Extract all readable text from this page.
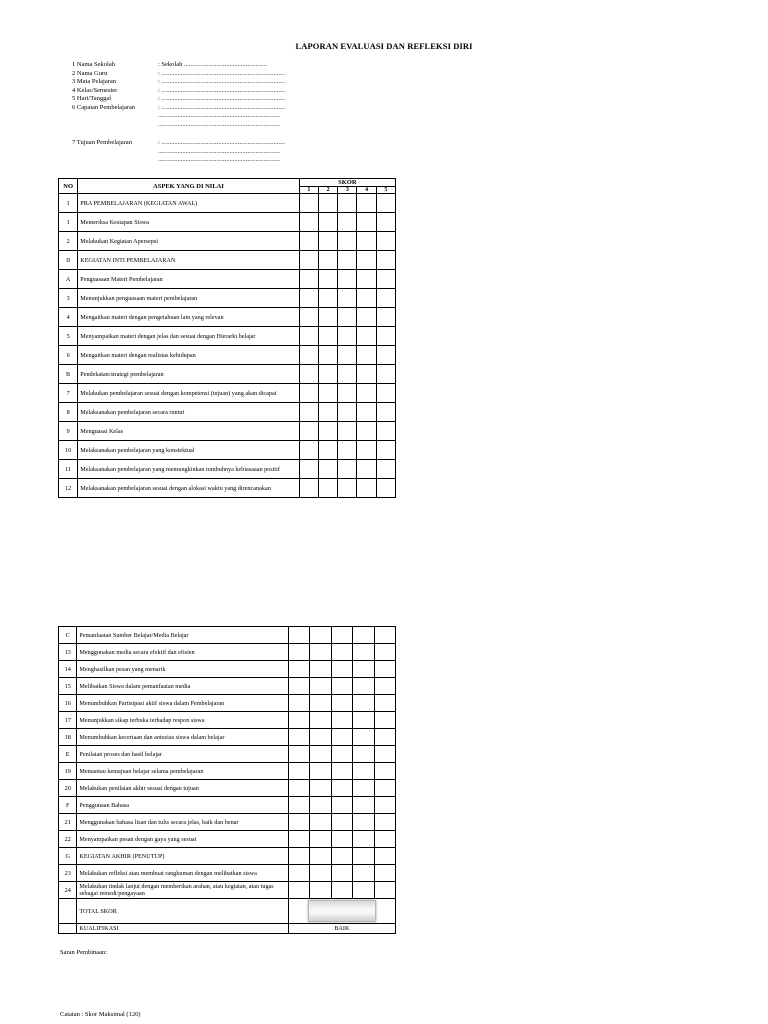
LAPORAN EVALUASI DAN REFLEKSI DIRI
1 Nama Sekolah	: Sekolah ...................................................
2 Nama Guru	: ............................................................................
3 Mata Pelajaran	: ............................................................................
4 Kelas/Semester	: ............................................................................
5 Hari/Tanggal	: ............................................................................
6 Capaian Pembelajaran	: ............................................................................
...........................................................................
...........................................................................
7 Tujuan Pembelajaran	: ............................................................................
...........................................................................
...........................................................................
NO	ASPEK YANG DI NILAI	SKOR				
		1	2	3	4	5
I	PRA PEMBELAJARAN (KEGIATAN AWAL)					
1	Memeriksa Kesiapan Siswa					
2	Melakukan Kegiatan Apersepsi					
II	KEGIATAN INTI PEMBELAJARAN					
A	Penguasaan Materi Pembelajaran					
3	Menunjukkan penguasaan materi pembelajaran					
4	Mengaitkan materi dengan pengetahuan lain yang relevan					
5	Menyampaikan materi dengan jelas dan sesuai dengan Hierarki belajar					
6	Mengaitkan materi dengan realistas kehidupan					
B	Pendekatan/strategi pembelajaran					
7	Melakukan pembelajaran sesuai dengan kompetensi (tujuan) yang akan dicapai					
8	Melaksanakan pembelajaran secara runtut					
9	Menguasai Kelas					
10	Melaksanakan pembelajaran yang konstektual					
11	Melaksanakan pembelajaran yang memungkinkan tumbuhnya kebiasaaan positif					
12	Melaksanakan pembelajaran sesuai dengan alokasi waktu yang direncanakan					
C	Pemanfaatan Sumber Belajar/Media Belajar					
13	Menggunakan media secara efektif dan efisien					
14	Menghasilkan pesan yang menarik					
15	Melibatkan Siswa dalam pemanfaatan media					
16	Menumbuhkan Partisipasi aktif siswa dalam Pembelajaran					
17	Menunjukkan sikap terbuka terhadap respon siswa					
18	Menumbuhkan keceriaan dan antusias siswa dalam belajar					
E	Penilaian proses dan hasil belajar					
19	Memantau kemajuan belajar selama pembelajaran					
20	Melakukan penilaian akhir sesuai dengan tujuan					
F	Penggunaan Bahasa					
21	Menggunakan bahasa lisan dan tulis secara jelas, baik dan benar					
22	Menyampaikan pesan dengan gaya yang sesuai					
G	KEGIATAN AKHIR (PENUTUP)					
23	Melakukan refleksi atau membuat rangkuman dengan melibatkan siswa					
24	Melakukan tindak lanjut dengan memberikan arahan, atau kegiatan, atau tugas sebagai remedi/pengayaan					
	TOTAL SKOR					

	KUALIFIKASI	BAIK				
Saran Pembinaan:
Catatan : Skor Maksimal (120)
